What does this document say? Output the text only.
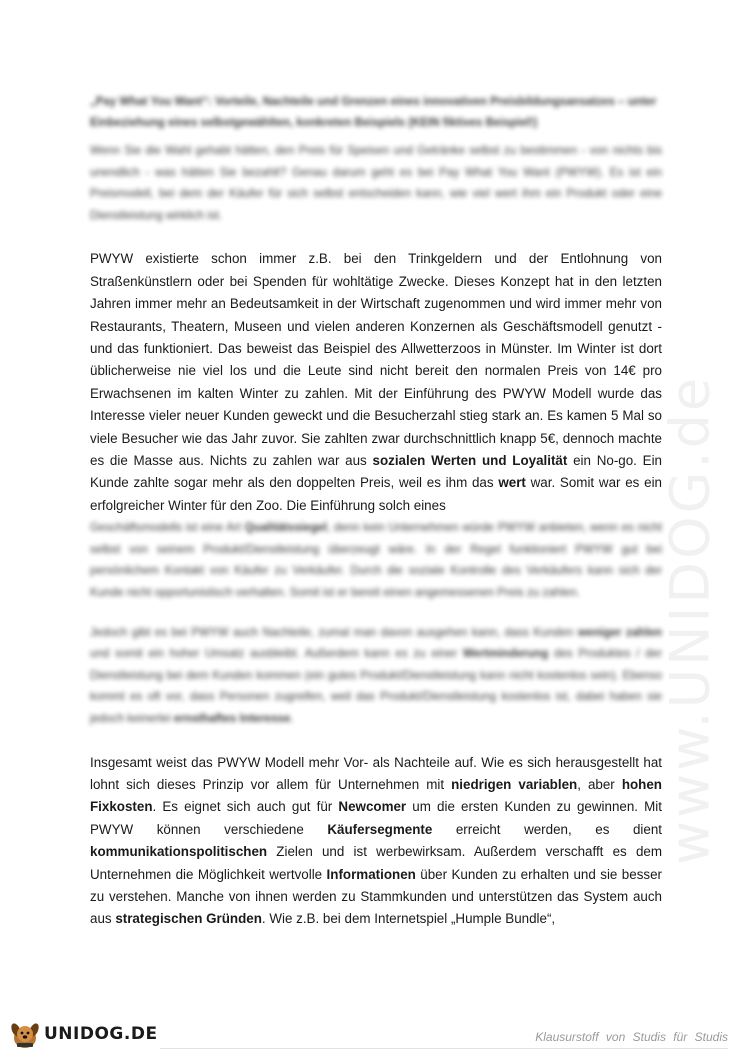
www.UNIDOG.de
„Pay What You Want“: Vorteile, Nachteile und Grenzen eines innovativen Preisbildungsansatzes – unter Einbeziehung eines selbstgewählten, konkreten Beispiels (KEIN fiktives Beispiel!)

Wenn Sie die Wahl gehabt hätten, den Preis für Speisen und Getränke selbst zu bestimmen - von nichts bis unendlich - was hätten Sie bezahlt? Genau darum geht es bei Pay What You Want (PWYW). Es ist ein Preismodell, bei dem der Käufer für sich selbst entscheiden kann, wie viel wert ihm ein Produkt oder eine Dienstleistung wirklich ist.

PWYW existierte schon immer z.B. bei den Trinkgeldern und der Entlohnung von Straßenkünstlern oder bei Spenden für wohltätige Zwecke. Dieses Konzept hat in den letzten Jahren immer mehr an Bedeutsamkeit in der Wirtschaft zugenommen und wird immer mehr von Restaurants, Theatern, Museen und vielen anderen Konzernen als Geschäftsmodell genutzt - und das funktioniert. Das beweist das Beispiel des Allwetterzoos in Münster. Im Winter ist dort üblicherweise nie viel los und die Leute sind nicht bereit den normalen Preis von 14€ pro Erwachsenen im kalten Winter zu zahlen. Mit der Einführung des PWYW Modell wurde das Interesse vieler neuer Kunden geweckt und die Besucherzahl stieg stark an. Es kamen 5 Mal so viele Besucher wie das Jahr zuvor. Sie zahlten zwar durchschnittlich knapp 5€, dennoch machte es die Masse aus. Nichts zu zahlen war aus sozialen Werten und Loyalität ein No-go. Ein Kunde zahlte sogar mehr als den doppelten Preis, weil es ihm das wert war. Somit war es ein erfolgreicher Winter für den Zoo. Die Einführung solch eines

Geschäftsmodells ist eine Art Qualitätssiegel, denn kein Unternehmen würde PWYW anbieten, wenn es nicht selbst von seinem Produkt/Dienstleistung überzeugt wäre. In der Regel funktioniert PWYW gut bei persönlichem Kontakt von Käufer zu Verkäufer. Durch die soziale Kontrolle des Verkäufers kann sich der Kunde nicht opportunistisch verhalten. Somit ist er bereit einen angemessenen Preis zu zahlen.

Jedoch gibt es bei PWYW auch Nachteile, zumal man davon ausgehen kann, dass Kunden weniger zahlen und somit ein hoher Umsatz ausbleibt. Außerdem kann es zu einer Wertminderung des Produktes / der Dienstleistung bei dem Kunden kommen (ein gutes Produkt/Dienstleistung kann nicht kostenlos sein). Ebenso kommt es oft vor, dass Personen zugreifen, weil das Produkt/Dienstleistung kostenlos ist, dabei haben sie jedoch keinerlei ernsthaftes Interesse.

Insgesamt weist das PWYW Modell mehr Vor- als Nachteile auf. Wie es sich herausgestellt hat lohnt sich dieses Prinzip vor allem für Unternehmen mit niedrigen variablen, aber hohen Fixkosten. Es eignet sich auch gut für Newcomer um die ersten Kunden zu gewinnen. Mit PWYW können verschiedene Käufersegmente erreicht werden, es dient kommunikationspolitischen Zielen und ist werbewirksam. Außerdem verschafft es dem Unternehmen die Möglichkeit wertvolle Informationen über Kunden zu erhalten und sie besser zu verstehen. Manche von ihnen werden zu Stammkunden und unterstützen das System auch aus strategischen Gründen. Wie z.B. bei dem Internetspiel „Humple Bundle“,

UNIDOG.DE	Klausurstoff von Studis für Studis
